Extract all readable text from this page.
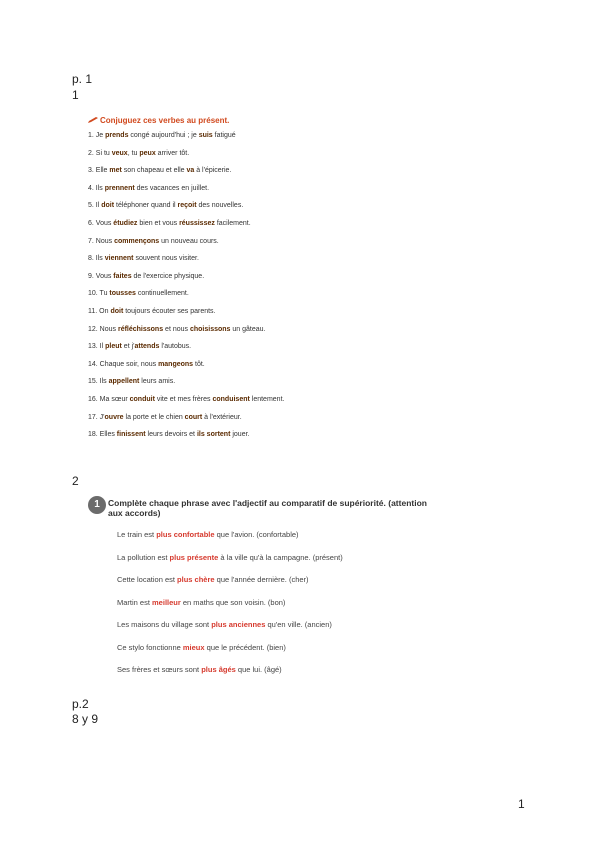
p. 1
1
Conjuguez ces verbes au présent.
1. Je prends congé aujourd'hui ; je suis fatigué
2. Si tu veux, tu peux arriver tôt.
3. Elle met son chapeau et elle va à l'épicerie.
4. Ils prennent des vacances en juillet.
5. Il doit téléphoner quand il reçoit des nouvelles.
6. Vous étudiez bien et vous réussissez facilement.
7. Nous commençons un nouveau cours.
8. Ils viennent souvent nous visiter.
9. Vous faites de l'exercice physique.
10. Tu tousses continuellement.
11. On doit toujours écouter ses parents.
12. Nous réfléchissons et nous choisissons un gâteau.
13. Il pleut et j'attends l'autobus.
14. Chaque soir, nous mangeons tôt.
15. Ils appellent leurs amis.
16. Ma sœur conduit vite et mes frères conduisent lentement.
17. J'ouvre la porte et le chien court à l'extérieur.
18. Elles finissent leurs devoirs et ils sortent jouer.
2
1 Complète chaque phrase avec l'adjectif au comparatif de supériorité. (attention aux accords)
Le train est plus confortable que l'avion. (confortable)
La pollution est plus présente à la ville qu'à la campagne. (présent)
Cette location est plus chère que l'année dernière. (cher)
Martin est meilleur en maths que son voisin. (bon)
Les maisons du village sont plus anciennes qu'en ville. (ancien)
Ce stylo fonctionne mieux que le précédent. (bien)
Ses frères et sœurs sont plus âgés que lui. (âgé)
p.2
8 y 9
1
